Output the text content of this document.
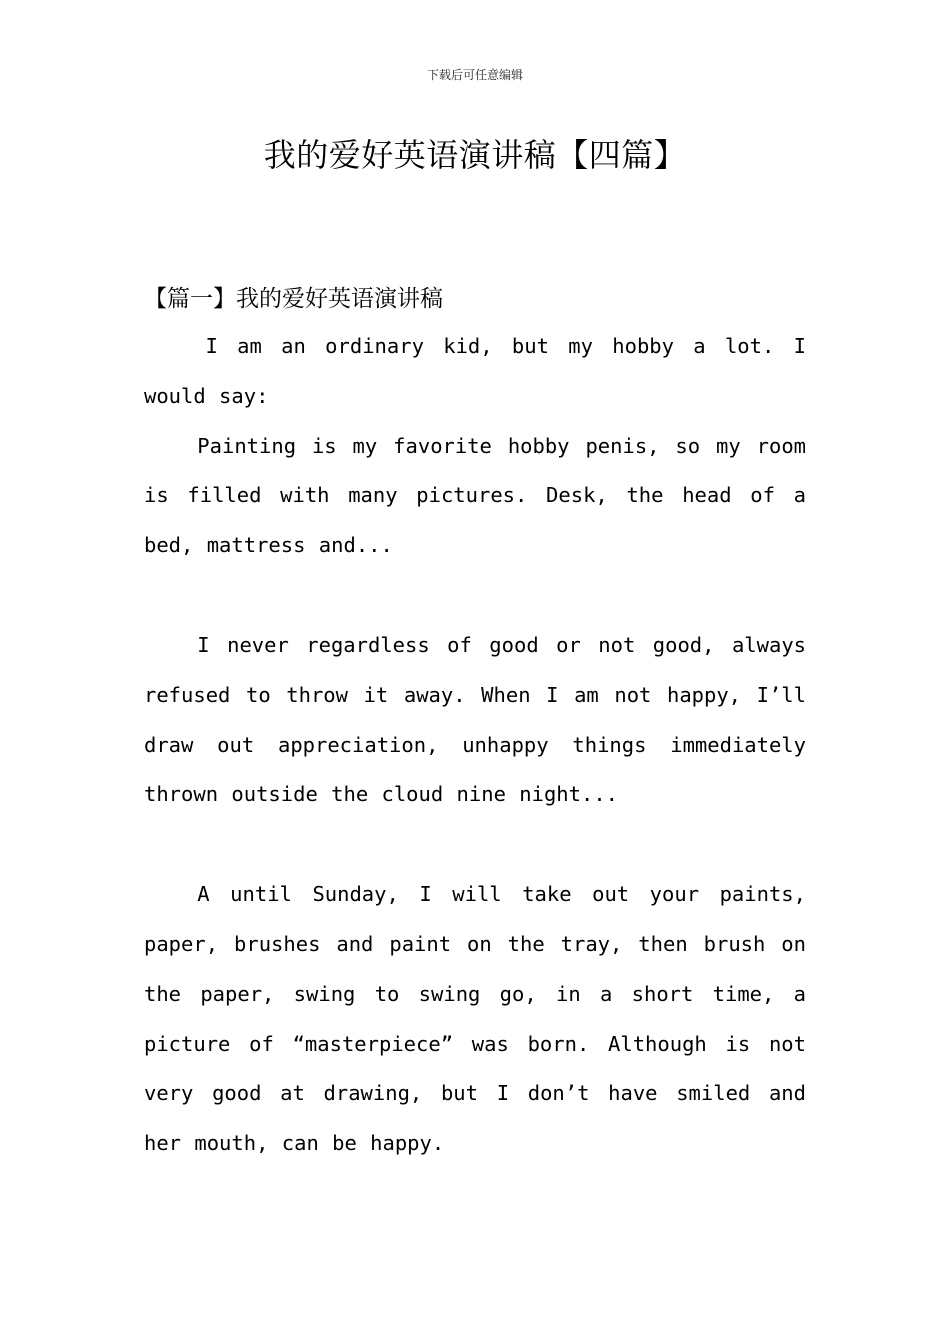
下载后可任意编辑
我的爱好英语演讲稿【四篇】
【篇一】我的爱好英语演讲稿

I am an ordinary kid, but my hobby a lot. I would say:

Painting is my favorite hobby penis, so my room is filled with many pictures. Desk, the head of a bed, mattress and...

I never regardless of good or not good, always refused to throw it away. When I am not happy, I’ll draw out appreciation, unhappy things immediately thrown outside the cloud nine night...

A until Sunday, I will take out your paints, paper, brushes and paint on the tray, then brush on the paper, swing to swing go, in a short time, a picture of “masterpiece” was born. Although is not very good at drawing, but I don’t have smiled and her mouth, can be happy.
